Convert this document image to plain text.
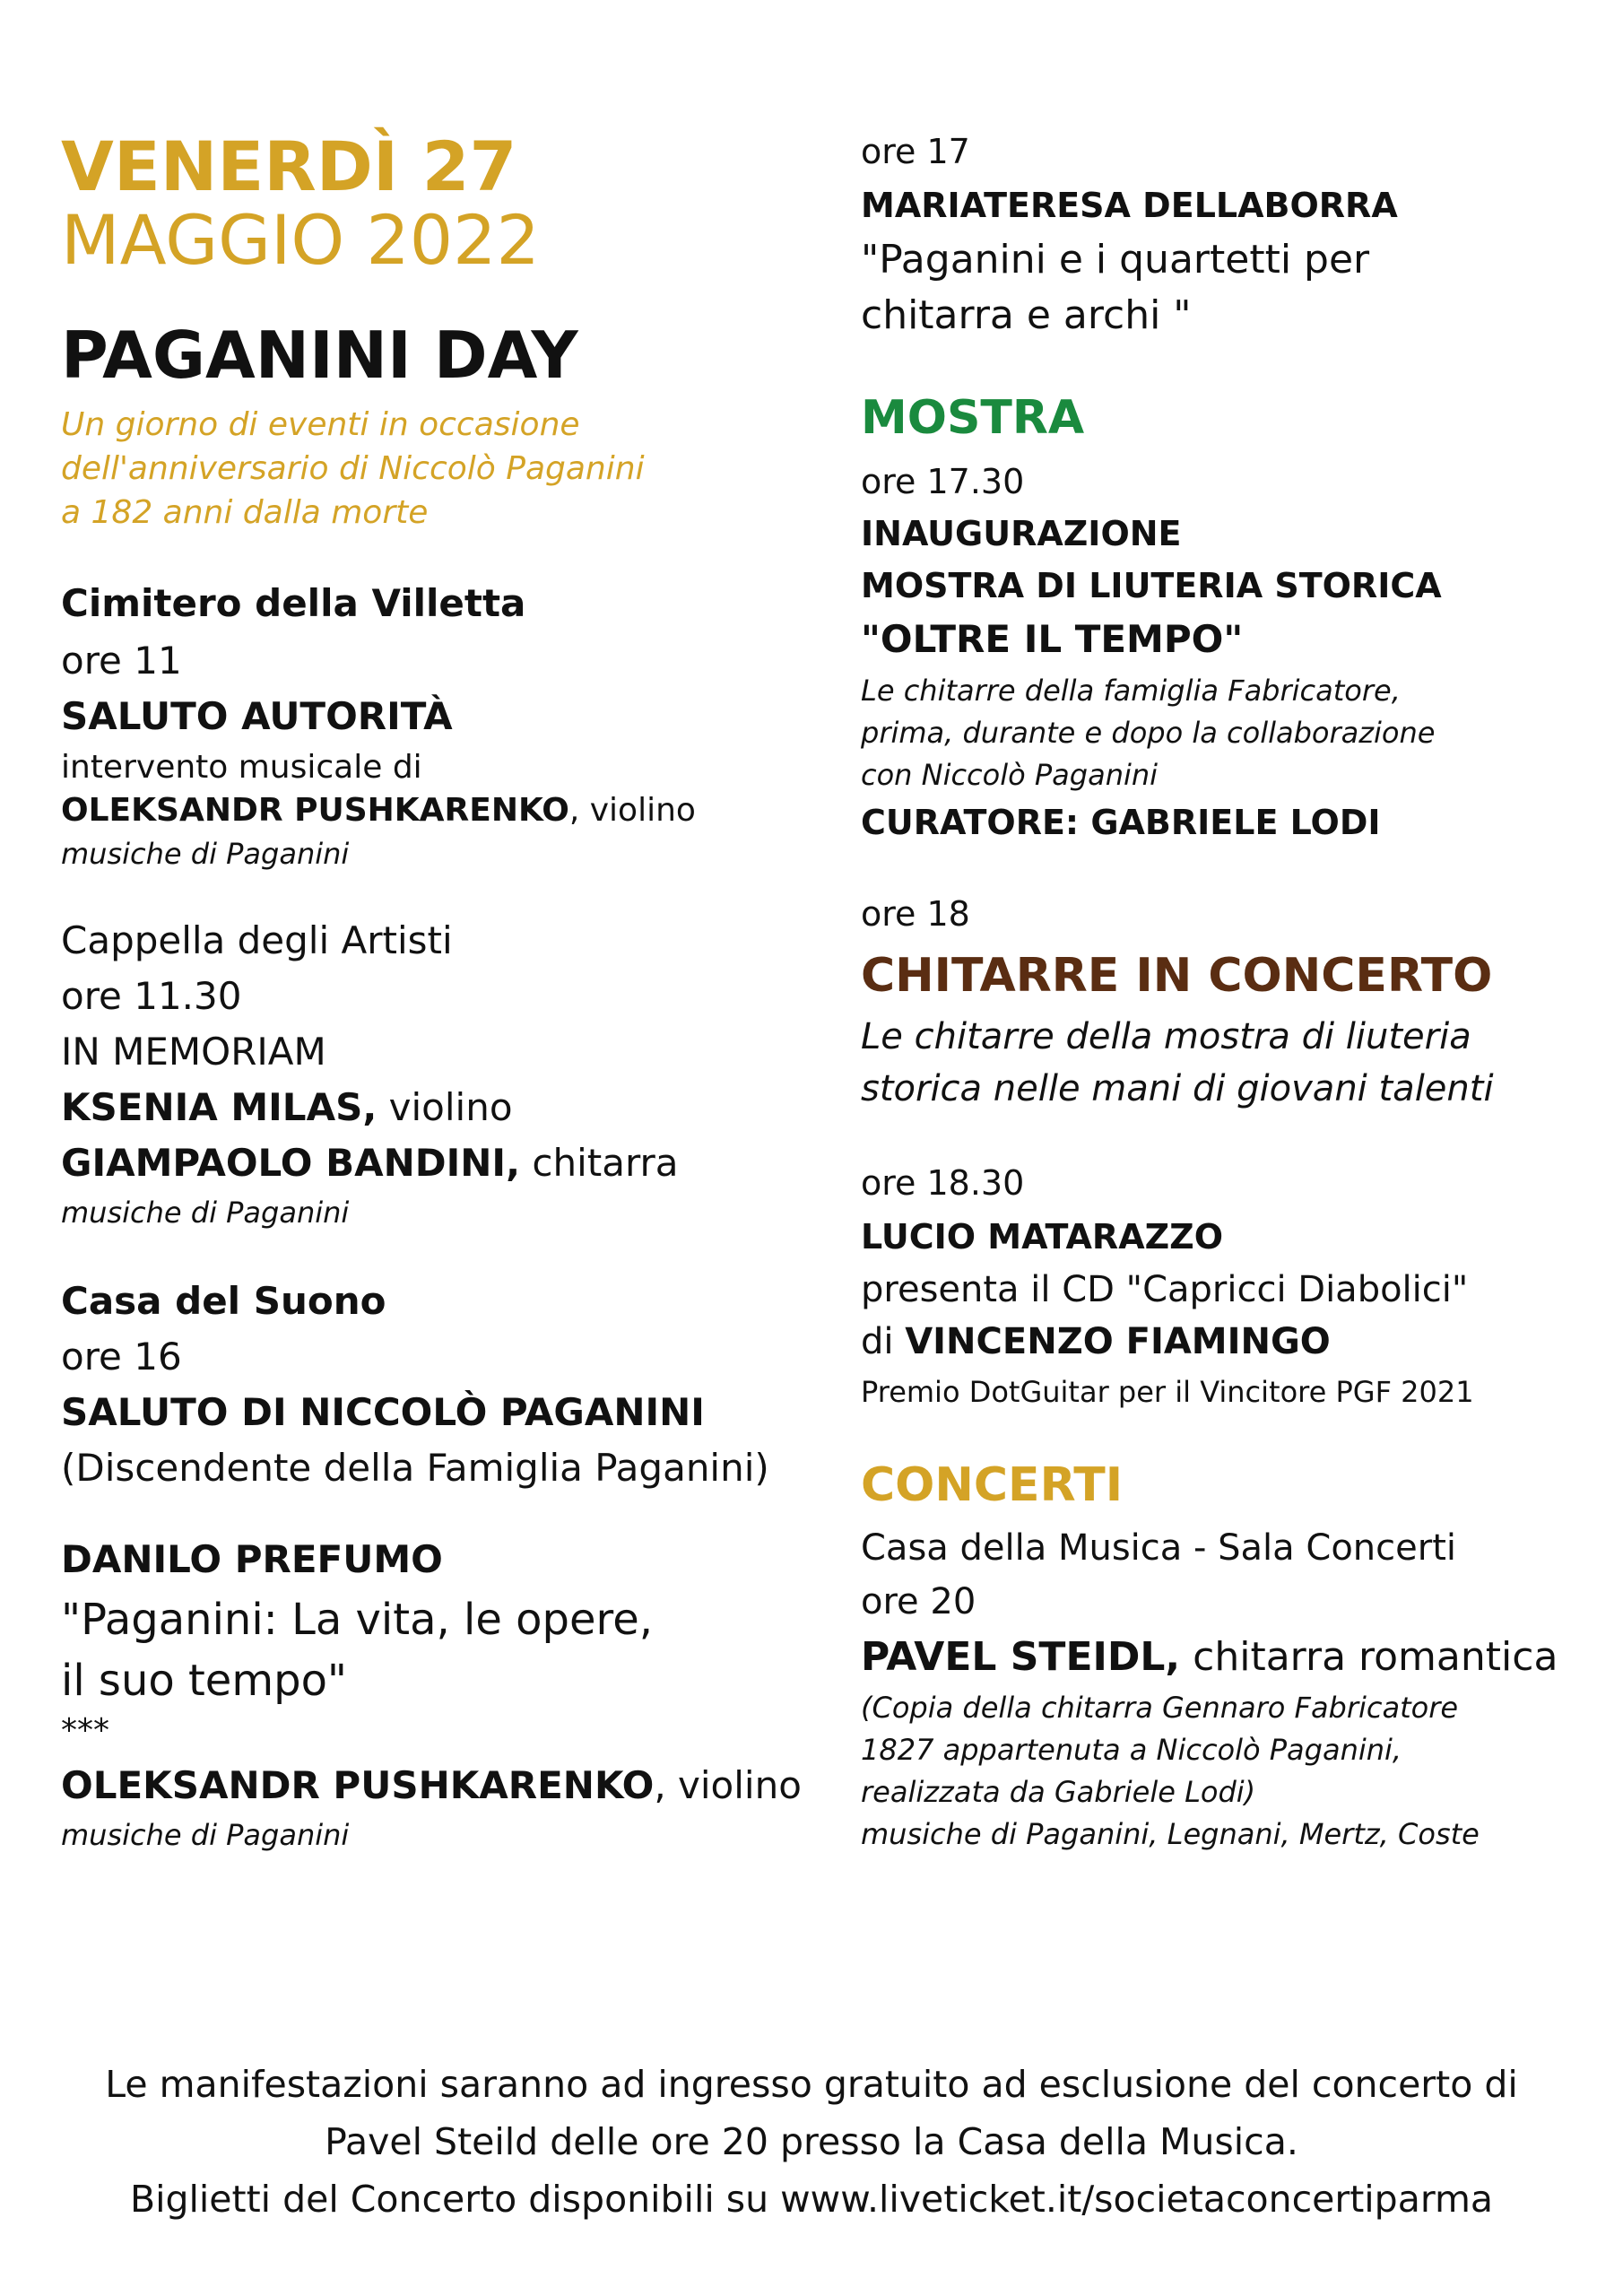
VENERDÌ 27
MAGGIO 2022
PAGANINI DAY
Un giorno di eventi in occasione
dell'anniversario di Niccolò Paganini
a 182 anni dalla morte
Cimitero della Villetta
ore 11
SALUTO AUTORITÀ
intervento musicale di
OLEKSANDR PUSHKARENKO, violino
musiche di Paganini
Cappella degli Artisti
ore 11.30
IN MEMORIAM
KSENIA MILAS, violino
GIAMPAOLO BANDINI, chitarra
musiche di Paganini
Casa del Suono
ore 16
SALUTO DI NICCOLÒ PAGANINI
(Discendente della Famiglia Paganini)
DANILO PREFUMO
"Paganini: La vita, le opere,
il suo tempo"
***
OLEKSANDR PUSHKARENKO, violino
musiche di Paganini
ore 17
MARIATERESA DELLABORRA
"Paganini e i quartetti per
chitarra e archi "
MOSTRA
ore 17.30
INAUGURAZIONE
MOSTRA DI LIUTERIA STORICA
"OLTRE IL TEMPO"
Le chitarre della famiglia Fabricatore,
prima, durante e dopo la collaborazione
con Niccolò Paganini
CURATORE: GABRIELE LODI
ore 18
CHITARRE IN CONCERTO
Le chitarre della mostra di liuteria
storica nelle mani di giovani talenti
ore 18.30
LUCIO MATARAZZO
presenta il CD "Capricci Diabolici"
di VINCENZO FIAMINGO
Premio DotGuitar per il Vincitore PGF 2021
CONCERTI
Casa della Musica - Sala Concerti
ore 20
PAVEL STEIDL, chitarra romantica
(Copia della chitarra Gennaro Fabricatore
1827 appartenuta a Niccolò Paganini,
realizzata da Gabriele Lodi)
musiche di Paganini, Legnani, Mertz, Coste
Le manifestazioni saranno ad ingresso gratuito ad esclusione del concerto di
Pavel Steild delle ore 20 presso la Casa della Musica.
Biglietti del Concerto disponibili su www.liveticket.it/societaconcertiparma
